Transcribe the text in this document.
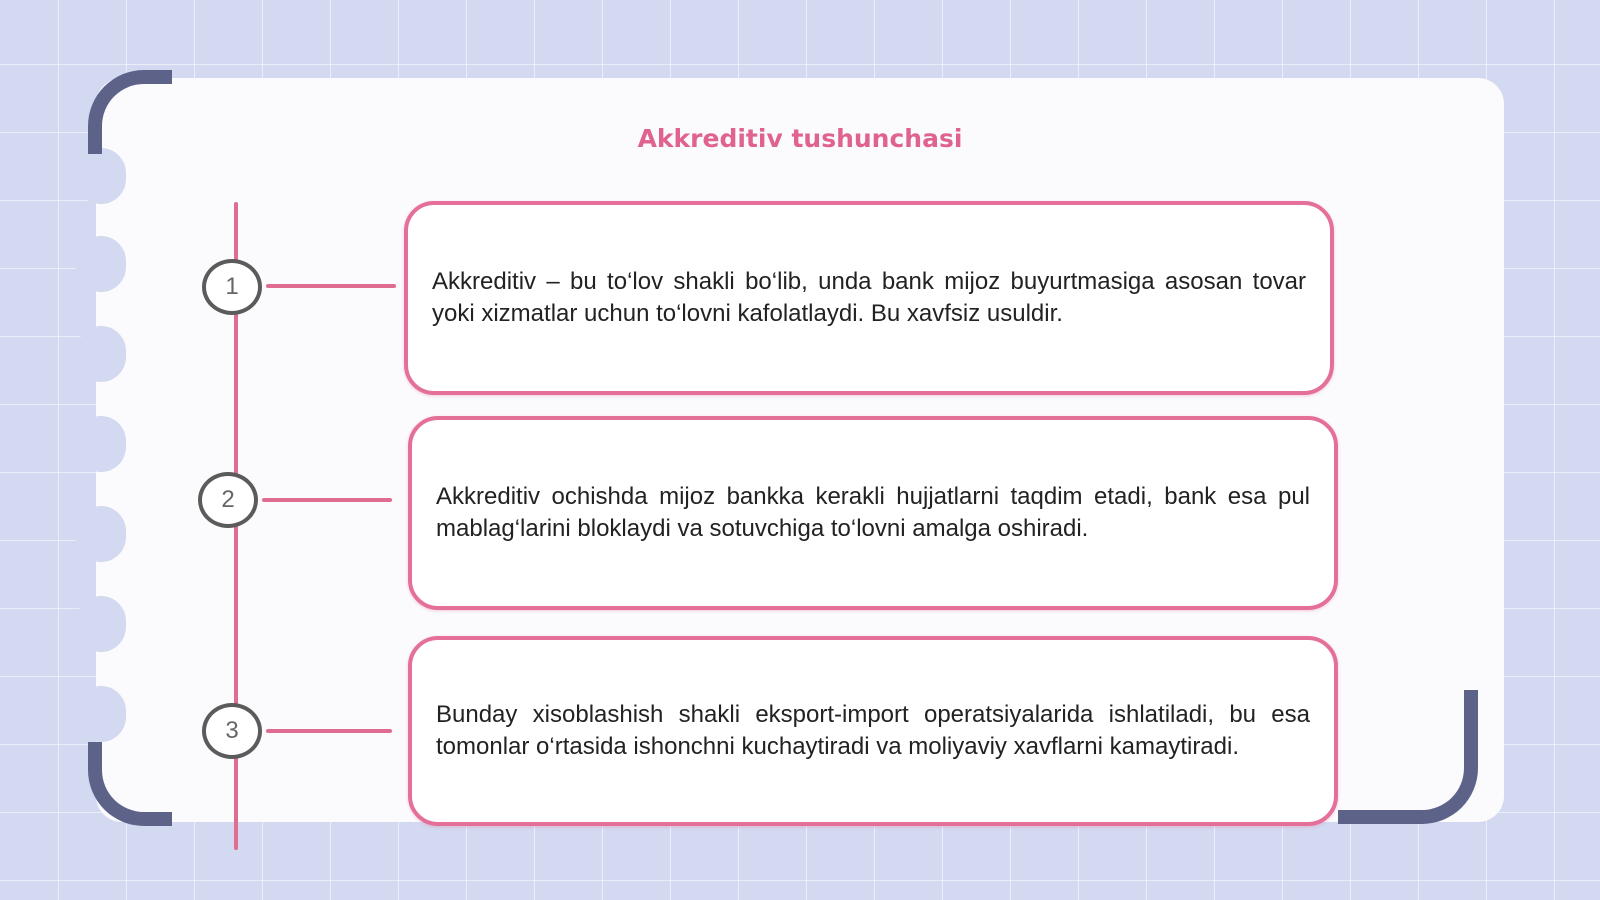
Akkreditiv tushunchasi
1
2
3

Akkreditiv – bu to‘lov shakli bo‘lib, unda bank mijoz buyurtmasiga asosan tovar yoki xizmatlar uchun to‘lovni kafolatlaydi. Bu xavfsiz usuldir.

Akkreditiv ochishda mijoz bankka kerakli hujjatlarni taqdim etadi, bank esa pul mablag‘larini bloklaydi va sotuvchiga to‘lovni amalga oshiradi.

Bunday xisoblashish shakli eksport-import operatsiyalarida ishlatiladi, bu esa tomonlar o‘rtasida ishonchni kuchaytiradi va moliyaviy xavflarni kamaytiradi.
